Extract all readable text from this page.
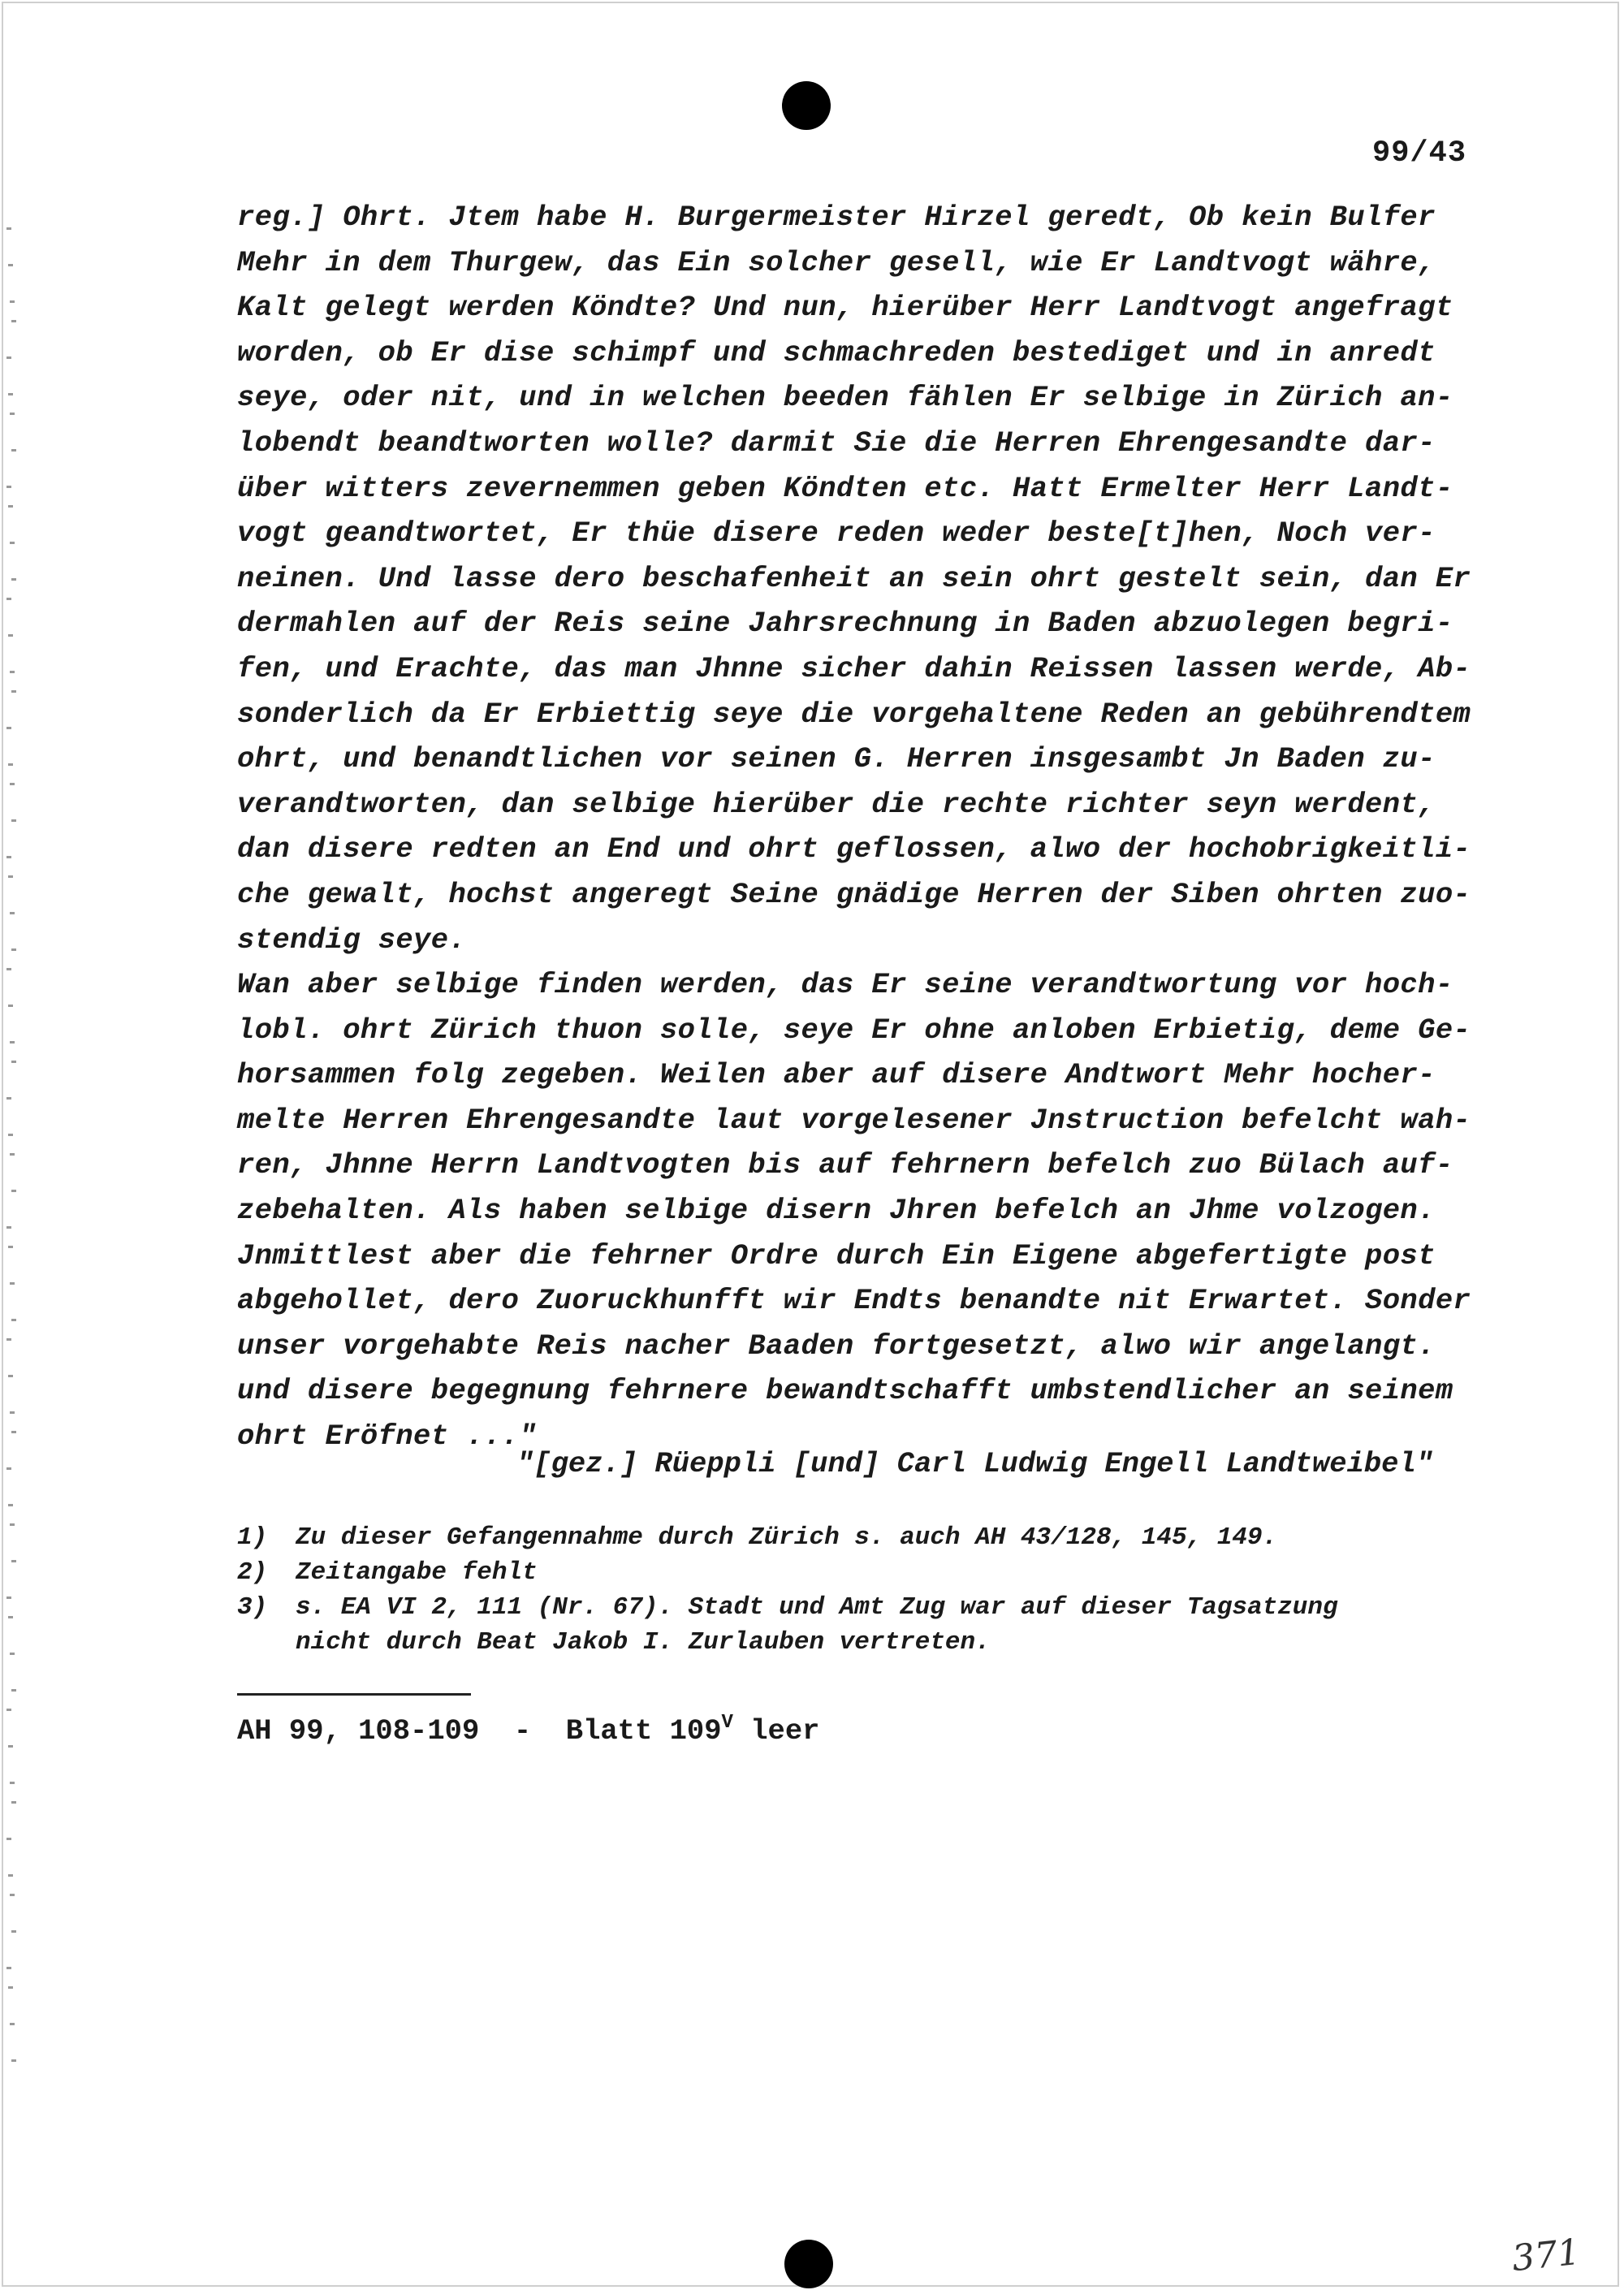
99/43
reg.] Ohrt. Jtem habe H. Burgermeister Hirzel geredt, Ob kein Bulfer
Mehr in dem Thurgew, das Ein solcher gesell, wie Er Landtvogt währe,
Kalt gelegt werden Köndte? Und nun, hierüber Herr Landtvogt angefragt
worden, ob Er dise schimpf und schmachreden bestediget und in anredt
seye, oder nit, und in welchen beeden fählen Er selbige in Zürich an-
lobendt beandtworten wolle? darmit Sie die Herren Ehrengesandte dar-
über witters zevernemmen geben Köndten etc. Hatt Ermelter Herr Landt-
vogt geandtwortet, Er thüe disere reden weder beste[t]hen, Noch ver-
neinen. Und lasse dero beschafenheit an sein ohrt gestelt sein, dan Er
dermahlen auf der Reis seine Jahrsrechnung in Baden abzuolegen begri-
fen, und Erachte, das man Jhnne sicher dahin Reissen lassen werde, Ab-
sonderlich da Er Erbiettig seye die vorgehaltene Reden an gebührendtem
ohrt, und benandtlichen vor seinen G. Herren insgesambt Jn Baden zu-
verandtworten, dan selbige hierüber die rechte richter seyn werdent,
dan disere redten an End und ohrt geflossen, alwo der hochobrigkeitli-
che gewalt, hochst angeregt Seine gnädige Herren der Siben ohrten zuo-
stendig seye.
Wan aber selbige finden werden, das Er seine verandtwortung vor hoch-
lobl. ohrt Zürich thuon solle, seye Er ohne anloben Erbietig, deme Ge-
horsammen folg zegeben. Weilen aber auf disere Andtwort Mehr hocher-
melte Herren Ehrengesandte laut vorgelesener Jnstruction befelcht wah-
ren, Jhnne Herrn Landtvogten bis auf fehrnern befelch zuo Bülach auf-
zebehalten. Als haben selbige disern Jhren befelch an Jhme volzogen.
Jnmittlest aber die fehrner Ordre durch Ein Eigene abgefertigte post
abgehollet, dero Zuoruckhunfft wir Endts benandte nit Erwartet. Sonder
unser vorgehabte Reis nacher Baaden fortgesetzt, alwo wir angelangt.
und disere begegnung fehrnere bewandtschafft umbstendlicher an seinem
ohrt Eröfnet ..."
"[gez.] Rüeppli [und] Carl Ludwig Engell Landtweibel"
1) Zu dieser Gefangennahme durch Zürich s. auch AH 43/128, 145, 149.
2) Zeitangabe fehlt
3) s. EA VI 2, 111 (Nr. 67). Stadt und Amt Zug war auf dieser Tagsatzung
nicht durch Beat Jakob I. Zurlauben vertreten.
AH 99, 108-109  -  Blatt $109^V$ leer
371
